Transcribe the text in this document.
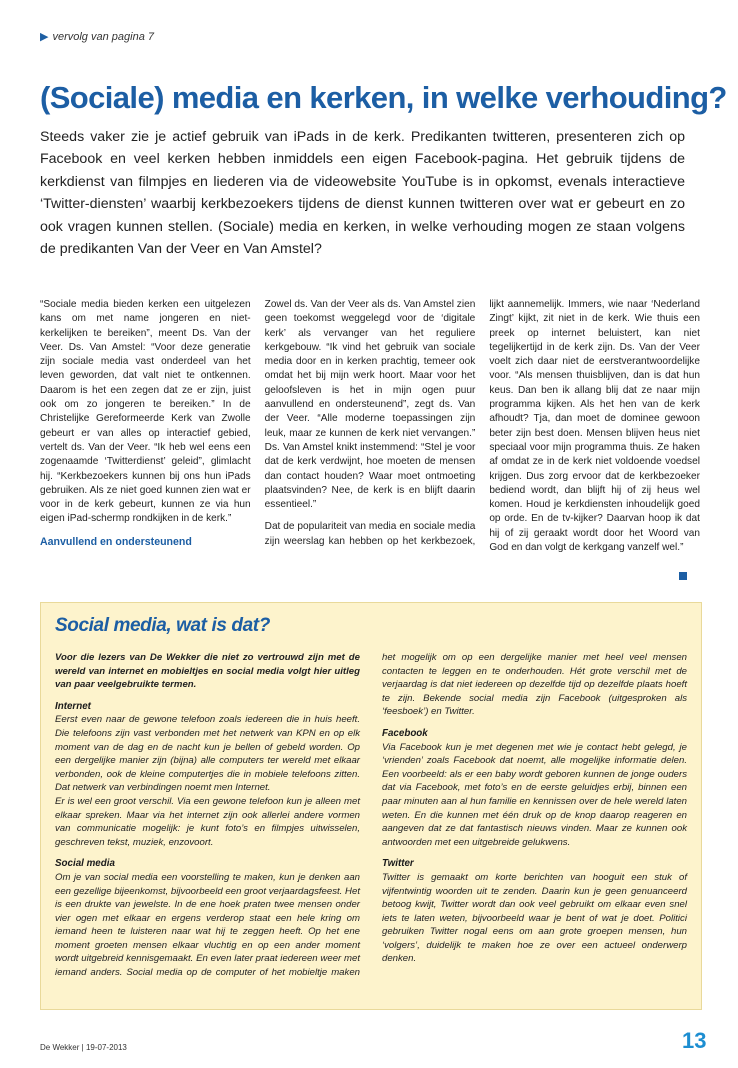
▶ vervolg van pagina 7
(Sociale) media en kerken, in welke verhouding?

Steeds vaker zie je actief gebruik van iPads in de kerk. Predikanten twitteren, presenteren zich op Facebook en veel kerken hebben inmiddels een eigen Facebook-pagina. Het gebruik tijdens de kerkdienst van filmpjes en liederen via de videowebsite YouTube is in opkomst, evenals interactieve ‘Twitter-diensten’ waarbij kerkbezoekers tijdens de dienst kunnen twitteren over wat er gebeurt en zo ook vragen kunnen stellen. (Sociale) media en kerken, in welke verhouding mogen ze staan volgens de predikanten Van der Veer en Van Amstel?

“Sociale media bieden kerken een uitgelezen kans om met name jongeren en niet-kerkelijken te bereiken”, meent Ds. Van der Veer. Ds. Van Amstel: “Voor deze generatie zijn sociale media vast onderdeel van het leven geworden, dat valt niet te ontkennen. Daarom is het een zegen dat ze er zijn, juist ook om zo jongeren te bereiken.” In de Christelijke Gereformeerde Kerk van Zwolle gebeurt er van alles op interactief gebied, vertelt ds. Van der Veer. “Ik heb wel eens een zogenaamde ‘Twitterdienst’ geleid”, glimlacht hij. “Kerkbezoekers kunnen bij ons hun iPads gebruiken. Als ze niet goed kunnen zien wat er voor in de kerk gebeurt, kunnen ze via hun eigen iPad-schermp rondkijken in de kerk.”

Aanvullend en ondersteunend

Zowel ds. Van der Veer als ds. Van Amstel zien geen toekomst weggelegd voor de ‘digitale kerk’ als vervanger van het reguliere kerkgebouw. “Ik vind het gebruik van sociale media door en in kerken prachtig, temeer ook omdat het bij mijn werk hoort. Maar voor het geloofsleven is het in mijn ogen puur aanvullend en ondersteunend”, zegt ds. Van der Veer. “Alle moderne toepassingen zijn leuk, maar ze kunnen de kerk niet vervangen.” Ds. Van Amstel knikt instemmend: “Stel je voor dat de kerk verdwijnt, hoe moeten de mensen dan contact houden? Waar moet ontmoeting plaatsvinden? Nee, de kerk is en blijft daarin essentieel.”

Dat de populariteit van media en sociale media zijn weerslag kan hebben op het kerkbezoek, lijkt aannemelijk. Immers, wie naar ‘Nederland Zingt’ kijkt, zit niet in de kerk. Wie thuis een preek op internet beluistert, kan niet tegelijkertijd in de kerk zijn. Ds. Van der Veer voelt zich daar niet de eerstverantwoordelijke voor. “Als mensen thuisblijven, dan is dat hun keus. Dan ben ik allang blij dat ze naar mijn programma kijken. Als het hen van de kerk afhoudt? Tja, dan moet de dominee gewoon beter zijn best doen. Mensen blijven heus niet speciaal voor mijn programma thuis. Ze haken af omdat ze in de kerk niet voldoende voedsel krijgen. Dus zorg ervoor dat de kerkbezoeker bediend wordt, dan blijft hij of zij heus wel komen. Houd je kerkdiensten inhoudelijk goed op orde. En de tv-kijker? Daarvan hoop ik dat hij of zij geraakt wordt door het Woord van God en dan volgt de kerkgang vanzelf wel.”

Social media, wat is dat?

Voor die lezers van De Wekker die niet zo vertrouwd zijn met de wereld van internet en mobieltjes en social media volgt hier uitleg van paar veelgebruikte termen.

Internet

Eerst even naar de gewone telefoon zoals iedereen die in huis heeft. Die telefoons zijn vast verbonden met het netwerk van KPN en op elk moment van de dag en de nacht kun je bellen of gebeld worden. Op een dergelijke manier zijn (bijna) alle computers ter wereld met elkaar verbonden, ook de kleine computertjes die in mobiele telefoons zitten. Dat netwerk van verbindingen noemt men Internet.

Er is wel een groot verschil. Via een gewone telefoon kun je alleen met elkaar spreken. Maar via het internet zijn ook allerlei andere vormen van communicatie mogelijk: je kunt foto’s en filmpjes uitwisselen, geschreven tekst, muziek, enzovoort.

Social media

Om je van social media een voorstelling te maken, kun je denken aan een gezellige bijeenkomst, bijvoorbeeld een groot verjaardagsfeest. Het is een drukte van jewelste. In de ene hoek praten twee mensen onder vier ogen met elkaar en ergens verderop staat een hele kring om iemand heen te luisteren naar wat hij te zeggen heeft. Op het ene moment groeten mensen elkaar vluchtig en op een ander moment wordt uitgebreid kennisgemaakt. En even later praat iedereen weer met iemand anders. Social media op de computer of het mobieltje maken het mogelijk om op een dergelijke manier met heel veel mensen contacten te leggen en te onderhouden. Hét grote verschil met de verjaardag is dat niet iedereen op dezelfde tijd op dezelfde plaats hoeft te zijn. Bekende social media zijn Facebook (uitgesproken als ‘feesboek’) en Twitter.

Facebook

Via Facebook kun je met degenen met wie je contact hebt gelegd, je ‘vrienden’ zoals Facebook dat noemt, alle mogelijke informatie delen. Een voorbeeld: als er een baby wordt geboren kunnen de jonge ouders dat via Facebook, met foto’s en de eerste geluidjes erbij, binnen een paar minuten aan al hun familie en kennissen over de hele wereld laten weten. En die kunnen met één druk op de knop daarop reageren en aangeven dat ze dat fantastisch nieuws vinden. Maar ze kunnen ook antwoorden met een uitgebreide gelukwens.

Twitter

Twitter is gemaakt om korte berichten van hooguit een stuk of vijfentwintig woorden uit te zenden. Daarin kun je geen genuanceerd betoog kwijt, Twitter wordt dan ook veel gebruikt om elkaar even snel iets te laten weten, bijvoorbeeld waar je bent of wat je doet. Politici gebruiken Twitter nogal eens om aan grote groepen mensen, hun ‘volgers’, duidelijk te maken hoe ze over een actueel onderwerp denken.

De Wekker | 19-07-2013	13
